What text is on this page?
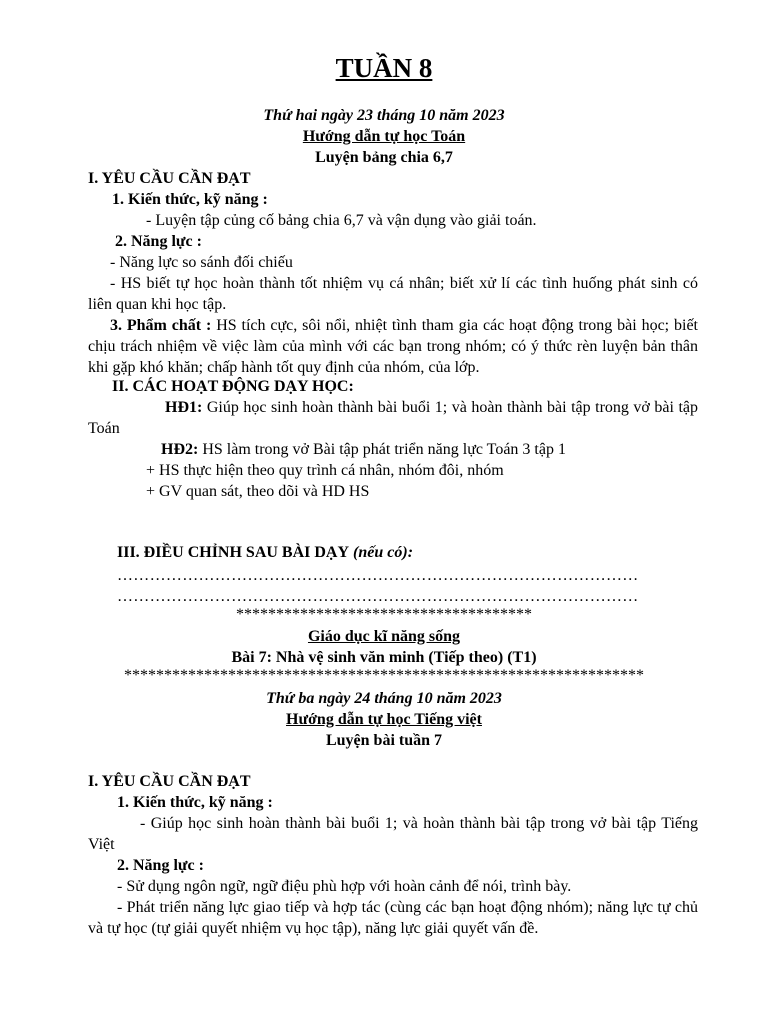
TUẦN 8
Thứ hai ngày 23 tháng 10 năm 2023
Hướng dẫn tự học Toán
Luyện bảng chia 6,7
I. YÊU CẦU CẦN ĐẠT
1. Kiến thức, kỹ năng :
- Luyện tập củng cố bảng chia 6,7 và vận dụng vào giải toán.
2. Năng lực :
- Năng lực so sánh đối chiếu
- HS biết tự học hoàn thành tốt nhiệm vụ cá nhân; biết xử lí các tình huống phát sinh có liên quan khi học tập.
3. Phẩm chất : HS tích cực, sôi nổi, nhiệt tình tham gia các hoạt động trong bài học; biết chịu trách nhiệm về việc làm của mình với các bạn trong nhóm; có ý thức rèn luyện bản thân khi gặp khó khăn; chấp hành tốt quy định của nhóm, của lớp.
II. CÁC HOẠT ĐỘNG DẠY HỌC:
HĐ1: Giúp học sinh hoàn thành bài buổi 1; và hoàn thành bài tập trong vở bài tập Toán
HĐ2: HS làm trong vở Bài tập phát triển năng lực Toán 3 tập 1
+ HS thực hiện theo quy trình cá nhân, nhóm đôi, nhóm
+ GV quan sát, theo dõi và HD HS
III. ĐIỀU CHỈNH SAU BÀI DẠY (nếu có):
……………………………………………………………………………………
……………………………………………………………………………………
*************************************
Giáo dục kĩ năng sống
Bài 7: Nhà vệ sinh văn minh (Tiếp theo) (T1)
*****************************************************************
Thứ ba ngày 24 tháng 10 năm 2023
Hướng dẫn tự học Tiếng việt
Luyện bài tuần 7
I. YÊU CẦU CẦN ĐẠT
1. Kiến thức, kỹ năng :
- Giúp học sinh hoàn thành bài buổi 1; và hoàn thành bài tập trong vở bài tập Tiếng Việt
2. Năng lực :
- Sử dụng ngôn ngữ, ngữ điệu phù hợp với hoàn cảnh để nói, trình bày.
- Phát triển năng lực giao tiếp và hợp tác (cùng các bạn hoạt động nhóm); năng lực tự chủ và tự học (tự giải quyết nhiệm vụ học tập), năng lực giải quyết vấn đề.
